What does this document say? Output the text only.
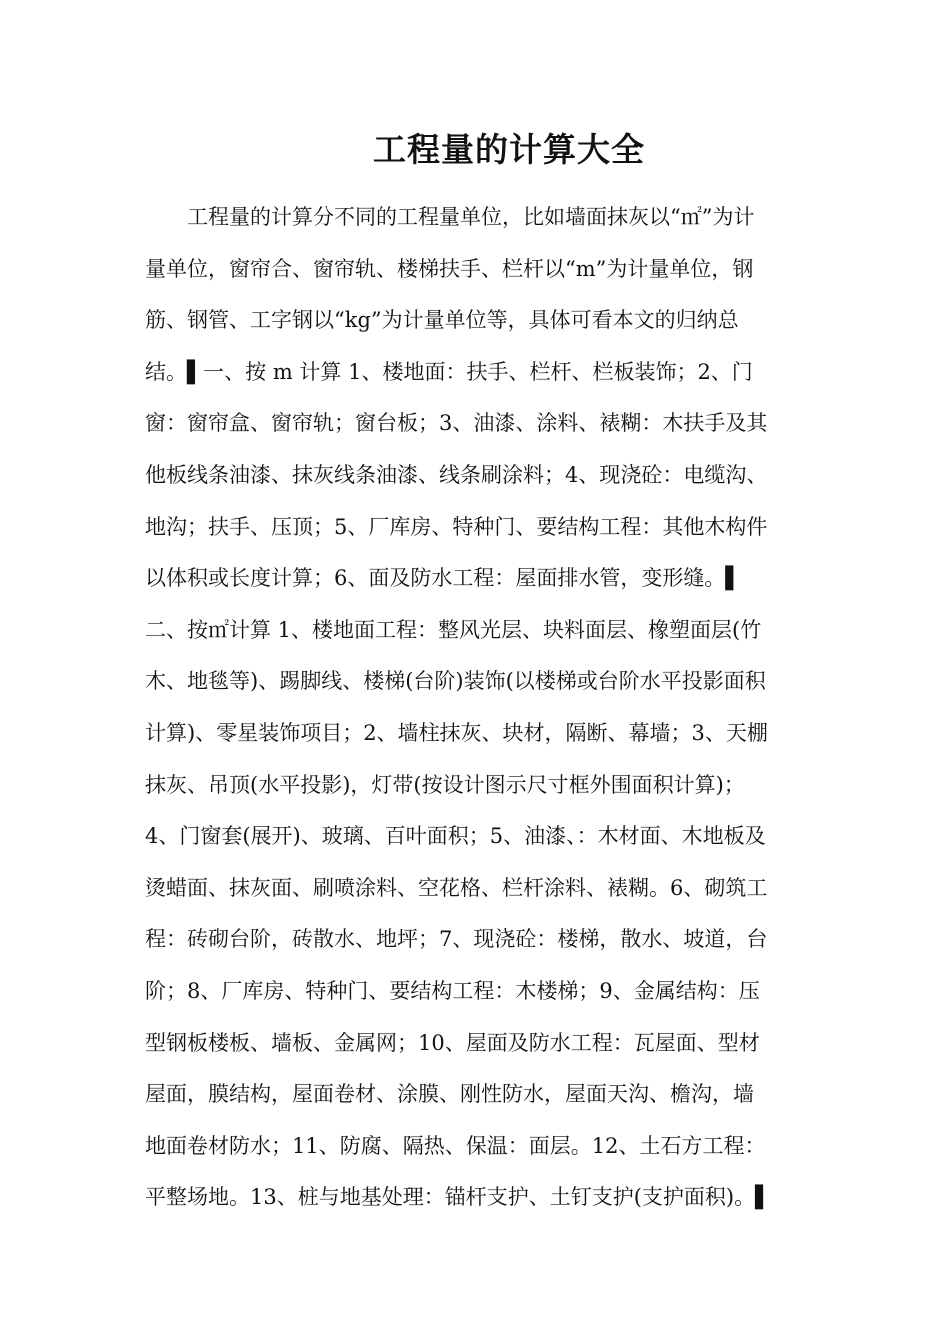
工程量的计算大全

　　工程量的计算分不同的工程量单位，比如墙面抹灰以“㎡”为计

量单位，窗帘合、窗帘轨、楼梯扶手、栏杆以“m”为计量单位，钢

筋、钢管、工字钢以“kg”为计量单位等，具体可看本文的归纳总

结。▌一、按 m 计算 1、楼地面：扶手、栏杆、栏板装饰；2、门

窗：窗帘盒、窗帘轨；窗台板；3、油漆、涂料、裱糊：木扶手及其

他板线条油漆、抹灰线条油漆、线条刷涂料；4、现浇砼：电缆沟、

地沟；扶手、压顶；5、厂库房、特种门、要结构工程：其他木构件

以体积或长度计算；6、面及防水工程：屋面排水管，变形缝。▌

二、按㎡计算 1、楼地面工程：整风光层、块料面层、橡塑面层(竹

木、地毯等)、踢脚线、楼梯(台阶)装饰(以楼梯或台阶水平投影面积

计算)、零星装饰项目；2、墙柱抹灰、块材，隔断、幕墙；3、天棚

抹灰、吊顶(水平投影)，灯带(按设计图示尺寸框外围面积计算)；

4、门窗套(展开)、玻璃、百叶面积；5、油漆、：木材面、木地板及

烫蜡面、抹灰面、刷喷涂料、空花格、栏杆涂料、裱糊。6、砌筑工

程：砖砌台阶，砖散水、地坪；7、现浇砼：楼梯，散水、坡道，台

阶；8、厂库房、特种门、要结构工程：木楼梯；9、金属结构：压

型钢板楼板、墙板、金属网；10、屋面及防水工程：瓦屋面、型材

屋面，膜结构，屋面卷材、涂膜、刚性防水，屋面天沟、檐沟，墙

地面卷材防水；11、防腐、隔热、保温：面层。12、土石方工程：

平整场地。13、桩与地基处理：锚杆支护、土钉支护(支护面积)。▌
